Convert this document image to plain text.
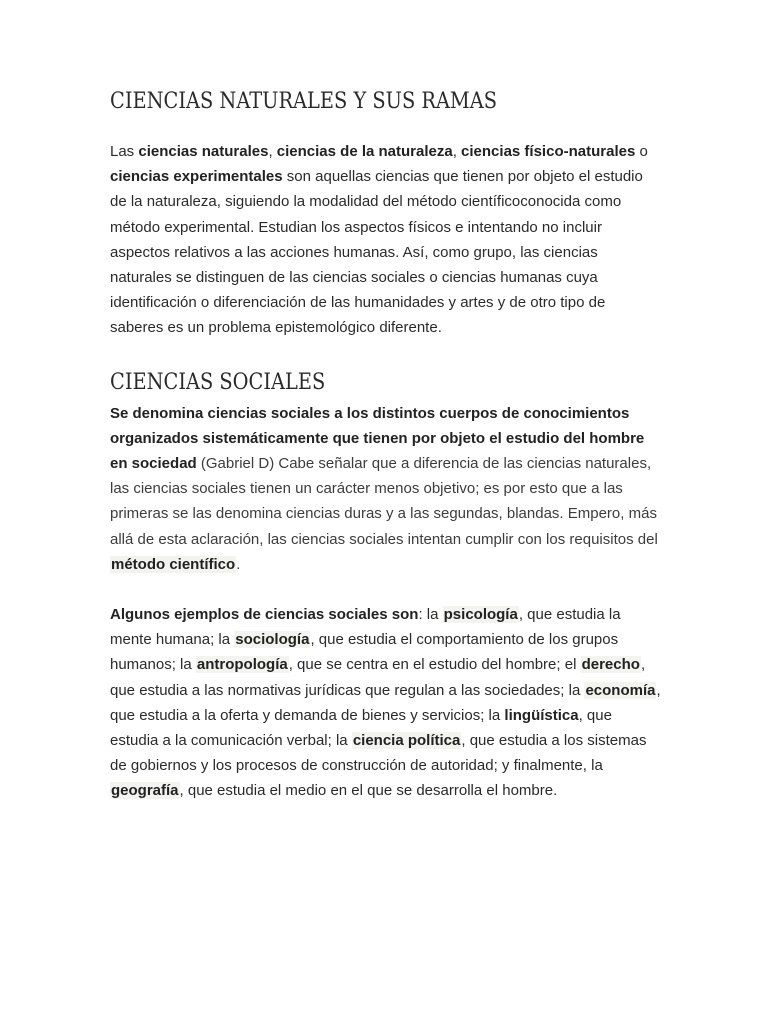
CIENCIAS NATURALES Y SUS RAMAS

Las ciencias naturales, ciencias de la naturaleza, ciencias físico-naturales o ciencias experimentales son aquellas ciencias que tienen por objeto el estudio de la naturaleza, siguiendo la modalidad del método científicoconocida como método experimental. Estudian los aspectos físicos e intentando no incluir aspectos relativos a las acciones humanas. Así, como grupo, las ciencias naturales se distinguen de las ciencias sociales o ciencias humanas cuya identificación o diferenciación de las humanidades y artes y de otro tipo de saberes es un problema epistemológico diferente.

CIENCIAS SOCIALES

Se denomina ciencias sociales a los distintos cuerpos de conocimientos organizados sistemáticamente que tienen por objeto el estudio del hombre en sociedad (Gabriel D) Cabe señalar que a diferencia de las ciencias naturales, las ciencias sociales tienen un carácter menos objetivo; es por esto que a las primeras se las denomina ciencias duras y a las segundas, blandas. Empero, más allá de esta aclaración, las ciencias sociales intentan cumplir con los requisitos del método científico.

Algunos ejemplos de ciencias sociales son: la psicología, que estudia la mente humana; la sociología, que estudia el comportamiento de los grupos humanos; la antropología, que se centra en el estudio del hombre; el derecho, que estudia a las normativas jurídicas que regulan a las sociedades; la economía, que estudia a la oferta y demanda de bienes y servicios; la lingüística, que estudia a la comunicación verbal; la ciencia política, que estudia a los sistemas de gobiernos y los procesos de construcción de autoridad; y finalmente, la geografía, que estudia el medio en el que se desarrolla el hombre.
